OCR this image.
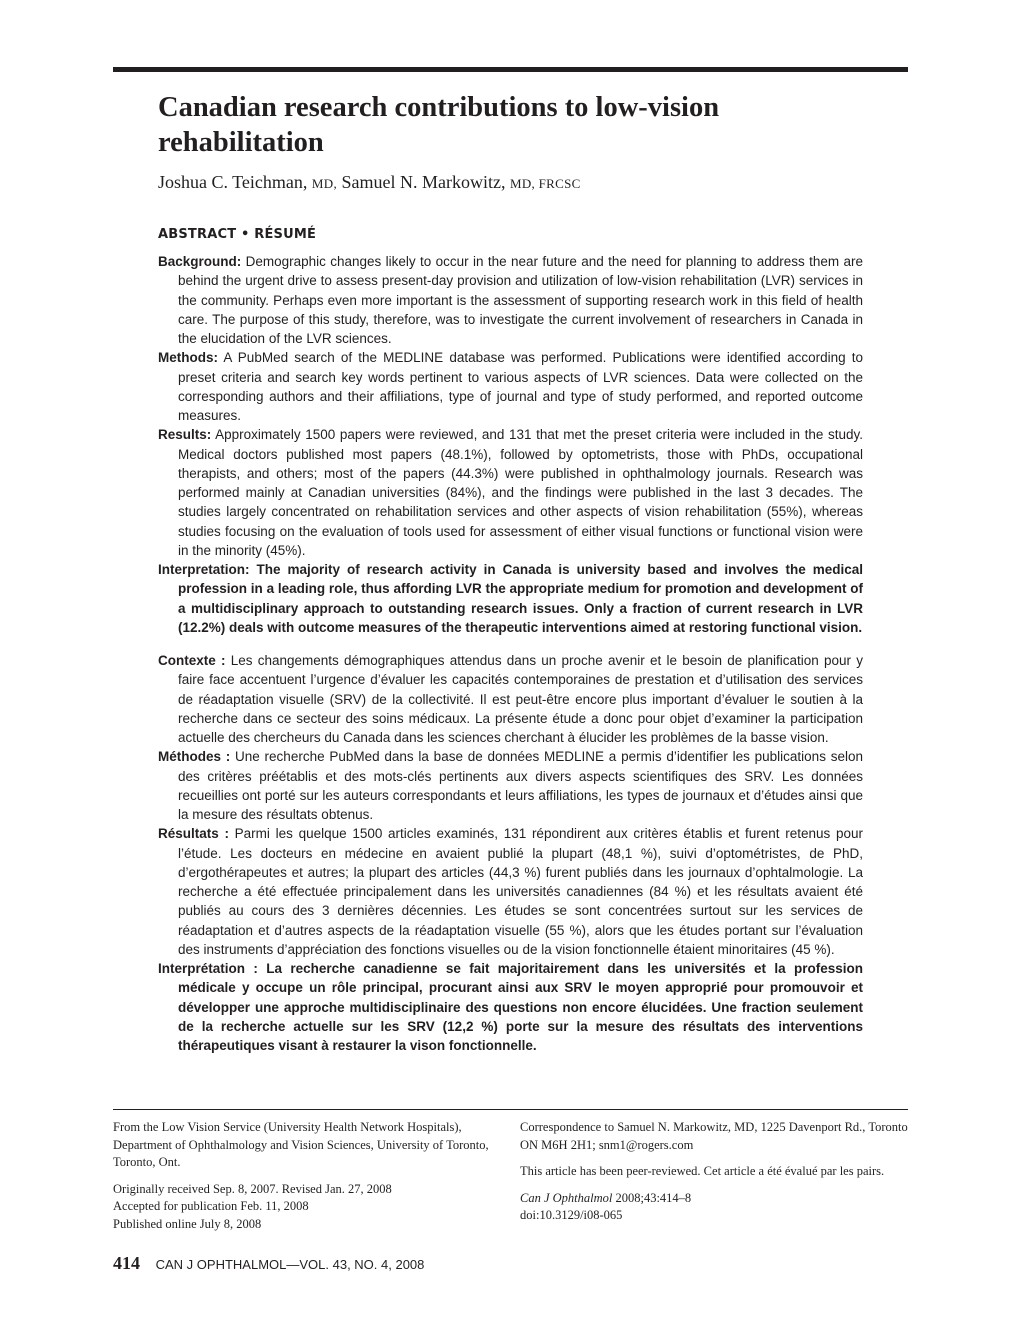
Canadian research contributions to low-vision rehabilitation
Joshua C. Teichman, MD, Samuel N. Markowitz, MD, FRCSC
ABSTRACT • RÉSUMÉ

Background: Demographic changes likely to occur in the near future and the need for planning to address them are behind the urgent drive to assess present-day provision and utilization of low-vision rehabilitation (LVR) services in the community. Perhaps even more important is the assessment of supporting research work in this field of health care. The purpose of this study, therefore, was to investigate the current involvement of researchers in Canada in the elucidation of the LVR sciences.

Methods: A PubMed search of the MEDLINE database was performed. Publications were identified according to preset criteria and search key words pertinent to various aspects of LVR sciences. Data were collected on the corresponding authors and their affiliations, type of journal and type of study performed, and reported outcome measures.

Results: Approximately 1500 papers were reviewed, and 131 that met the preset criteria were included in the study. Medical doctors published most papers (48.1%), followed by optometrists, those with PhDs, occupational therapists, and others; most of the papers (44.3%) were published in ophthalmology journals. Research was performed mainly at Canadian universities (84%), and the findings were published in the last 3 decades. The studies largely concentrated on rehabilitation services and other aspects of vision rehabilitation (55%), whereas studies focusing on the evaluation of tools used for assessment of either visual functions or functional vision were in the minority (45%).

Interpretation: The majority of research activity in Canada is university based and involves the medical profession in a leading role, thus affording LVR the appropriate medium for promotion and development of a multidisciplinary approach to outstanding research issues. Only a fraction of current research in LVR (12.2%) deals with outcome measures of the therapeutic interventions aimed at restoring functional vision.

Contexte : Les changements démographiques attendus dans un proche avenir et le besoin de planification pour y faire face accentuent l’urgence d’évaluer les capacités contemporaines de prestation et d’utilisation des services de réadaptation visuelle (SRV) de la collectivité. Il est peut-être encore plus important d’évaluer le soutien à la recherche dans ce secteur des soins médicaux. La présente étude a donc pour objet d’examiner la participation actuelle des chercheurs du Canada dans les sciences cherchant à élucider les problèmes de la basse vision.

Méthodes : Une recherche PubMed dans la base de données MEDLINE a permis d’identifier les publications selon des critères préétablis et des mots-clés pertinents aux divers aspects scientifiques des SRV. Les données recueillies ont porté sur les auteurs correspondants et leurs affiliations, les types de journaux et d’études ainsi que la mesure des résultats obtenus.

Résultats : Parmi les quelque 1500 articles examinés, 131 répondirent aux critères établis et furent retenus pour l’étude. Les docteurs en médecine en avaient publié la plupart (48,1 %), suivi d’optométristes, de PhD, d’ergothérapeutes et autres; la plupart des articles (44,3 %) furent publiés dans les journaux d’ophtalmologie. La recherche a été effectuée principalement dans les universités canadiennes (84 %) et les résultats avaient été publiés au cours des 3 dernières décennies. Les études se sont concentrées surtout sur les services de réadaptation et d’autres aspects de la réadaptation visuelle (55 %), alors que les études portant sur l’évaluation des instruments d’appréciation des fonctions visuelles ou de la vision fonctionnelle étaient minoritaires (45 %).

Interprétation : La recherche canadienne se fait majoritairement dans les universités et la profession médicale y occupe un rôle principal, procurant ainsi aux SRV le moyen approprié pour promouvoir et développer une approche multidisciplinaire des questions non encore élucidées. Une fraction seulement de la recherche actuelle sur les SRV (12,2 %) porte sur la mesure des résultats des interventions thérapeutiques visant à restaurer la vison fonctionnelle.

From the Low Vision Service (University Health Network Hospitals), Department of Ophthalmology and Vision Sciences, University of Toronto, Toronto, Ont.

Originally received Sep. 8, 2007. Revised Jan. 27, 2008

Accepted for publication Feb. 11, 2008

Published online July 8, 2008

Correspondence to Samuel N. Markowitz, MD, 1225 Davenport Rd., Toronto ON M6H 2H1; snm1@rogers.com

This article has been peer-reviewed. Cet article a été évalué par les pairs.

Can J Ophthalmol 2008;43:414–8

doi:10.3129/i08-065

414 CAN J OPHTHALMOL—VOL. 43, NO. 4, 2008
